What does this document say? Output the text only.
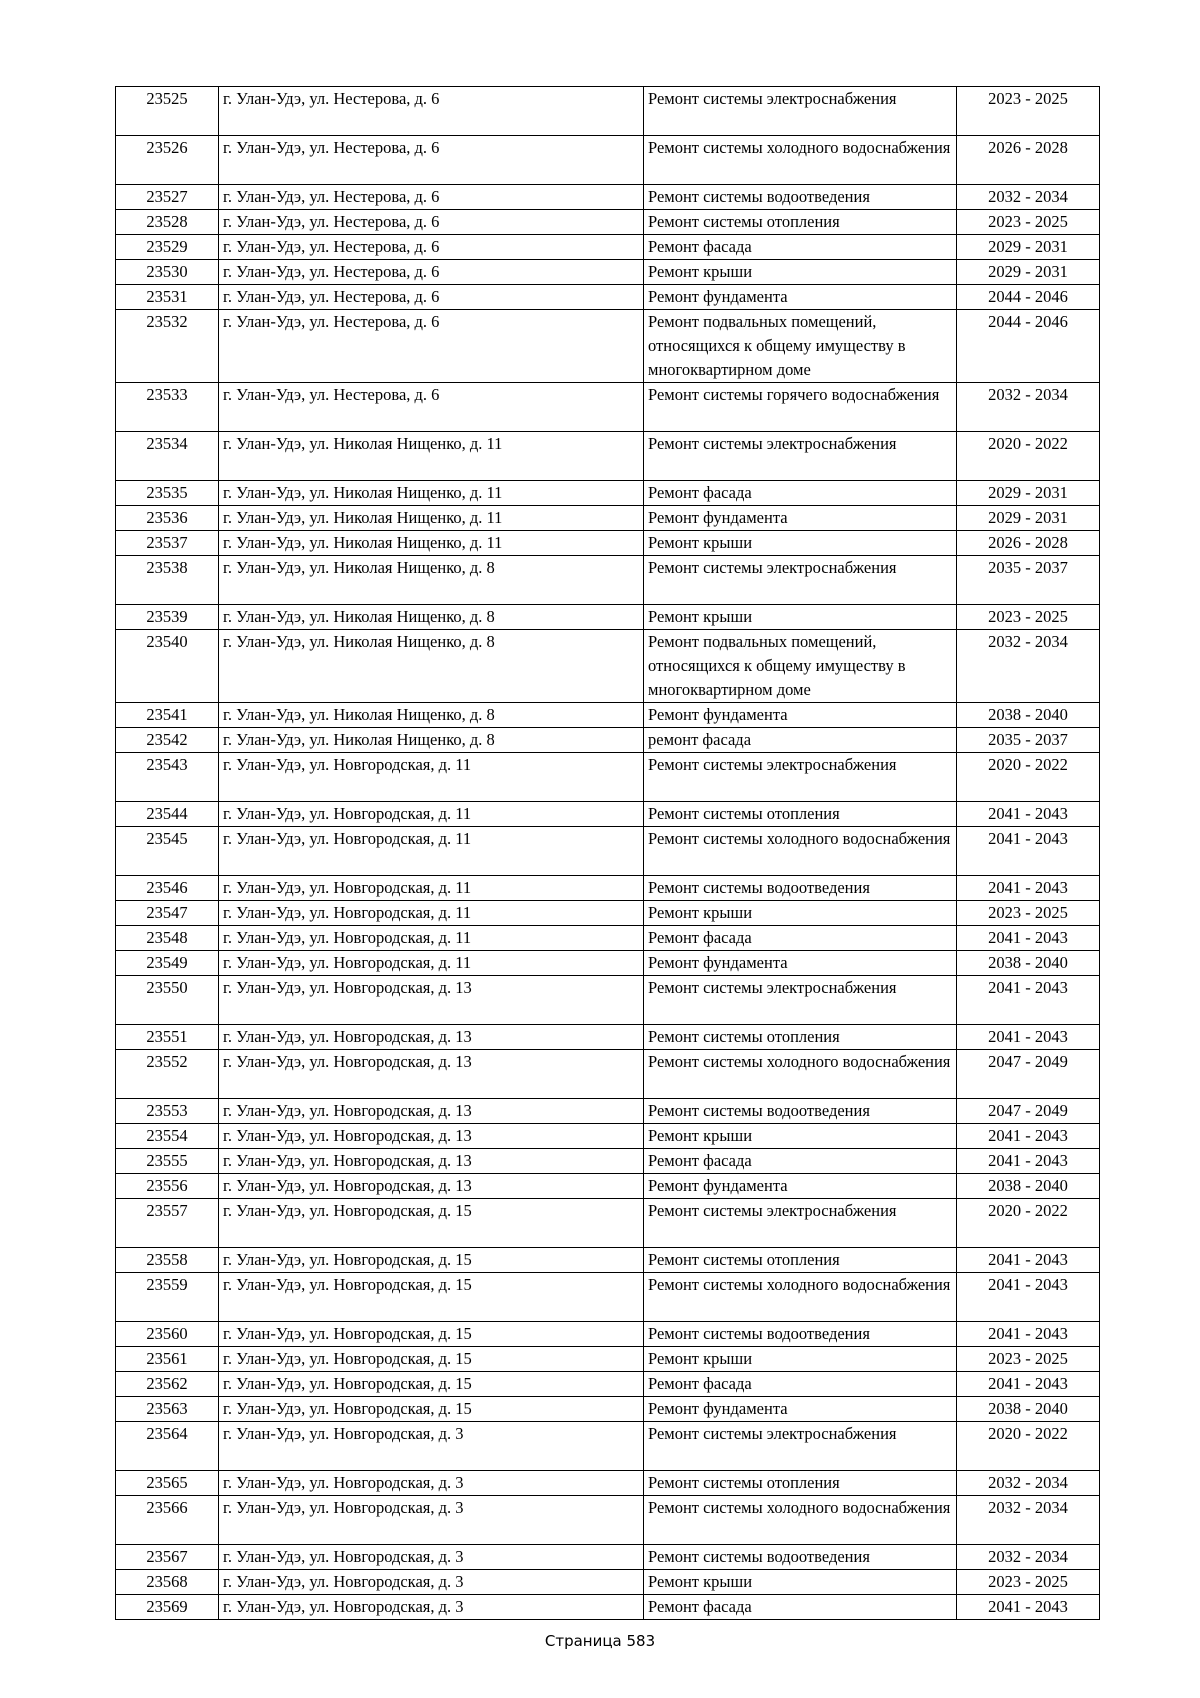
23525	г. Улан-Удэ, ул. Нестерова, д. 6	Ремонт системы электроснабжения	2023 - 2025
23526	г. Улан-Удэ, ул. Нестерова, д. 6	Ремонт системы холодного водоснабжения	2026 - 2028
23527	г. Улан-Удэ, ул. Нестерова, д. 6	Ремонт системы водоотведения	2032 - 2034
23528	г. Улан-Удэ, ул. Нестерова, д. 6	Ремонт системы отопления	2023 - 2025
23529	г. Улан-Удэ, ул. Нестерова, д. 6	Ремонт фасада	2029 - 2031
23530	г. Улан-Удэ, ул. Нестерова, д. 6	Ремонт крыши	2029 - 2031
23531	г. Улан-Удэ, ул. Нестерова, д. 6	Ремонт фундамента	2044 - 2046
23532	г. Улан-Удэ, ул. Нестерова, д. 6	Ремонт подвальных помещений, относящихся к общему имуществу в многоквартирном доме	2044 - 2046
23533	г. Улан-Удэ, ул. Нестерова, д. 6	Ремонт системы горячего водоснабжения	2032 - 2034
23534	г. Улан-Удэ, ул. Николая Нищенко, д. 11	Ремонт системы электроснабжения	2020 - 2022
23535	г. Улан-Удэ, ул. Николая Нищенко, д. 11	Ремонт фасада	2029 - 2031
23536	г. Улан-Удэ, ул. Николая Нищенко, д. 11	Ремонт фундамента	2029 - 2031
23537	г. Улан-Удэ, ул. Николая Нищенко, д. 11	Ремонт крыши	2026 - 2028
23538	г. Улан-Удэ, ул. Николая Нищенко, д. 8	Ремонт системы электроснабжения	2035 - 2037
23539	г. Улан-Удэ, ул. Николая Нищенко, д. 8	Ремонт крыши	2023 - 2025
23540	г. Улан-Удэ, ул. Николая Нищенко, д. 8	Ремонт подвальных помещений, относящихся к общему имуществу в многоквартирном доме	2032 - 2034
23541	г. Улан-Удэ, ул. Николая Нищенко, д. 8	Ремонт фундамента	2038 - 2040
23542	г. Улан-Удэ, ул. Николая Нищенко, д. 8	ремонт фасада	2035 - 2037
23543	г. Улан-Удэ, ул. Новгородская, д. 11	Ремонт системы электроснабжения	2020 - 2022
23544	г. Улан-Удэ, ул. Новгородская, д. 11	Ремонт системы отопления	2041 - 2043
23545	г. Улан-Удэ, ул. Новгородская, д. 11	Ремонт системы холодного водоснабжения	2041 - 2043
23546	г. Улан-Удэ, ул. Новгородская, д. 11	Ремонт системы водоотведения	2041 - 2043
23547	г. Улан-Удэ, ул. Новгородская, д. 11	Ремонт крыши	2023 - 2025
23548	г. Улан-Удэ, ул. Новгородская, д. 11	Ремонт фасада	2041 - 2043
23549	г. Улан-Удэ, ул. Новгородская, д. 11	Ремонт фундамента	2038 - 2040
23550	г. Улан-Удэ, ул. Новгородская, д. 13	Ремонт системы электроснабжения	2041 - 2043
23551	г. Улан-Удэ, ул. Новгородская, д. 13	Ремонт системы отопления	2041 - 2043
23552	г. Улан-Удэ, ул. Новгородская, д. 13	Ремонт системы холодного водоснабжения	2047 - 2049
23553	г. Улан-Удэ, ул. Новгородская, д. 13	Ремонт системы водоотведения	2047 - 2049
23554	г. Улан-Удэ, ул. Новгородская, д. 13	Ремонт крыши	2041 - 2043
23555	г. Улан-Удэ, ул. Новгородская, д. 13	Ремонт фасада	2041 - 2043
23556	г. Улан-Удэ, ул. Новгородская, д. 13	Ремонт фундамента	2038 - 2040
23557	г. Улан-Удэ, ул. Новгородская, д. 15	Ремонт системы электроснабжения	2020 - 2022
23558	г. Улан-Удэ, ул. Новгородская, д. 15	Ремонт системы отопления	2041 - 2043
23559	г. Улан-Удэ, ул. Новгородская, д. 15	Ремонт системы холодного водоснабжения	2041 - 2043
23560	г. Улан-Удэ, ул. Новгородская, д. 15	Ремонт системы водоотведения	2041 - 2043
23561	г. Улан-Удэ, ул. Новгородская, д. 15	Ремонт крыши	2023 - 2025
23562	г. Улан-Удэ, ул. Новгородская, д. 15	Ремонт фасада	2041 - 2043
23563	г. Улан-Удэ, ул. Новгородская, д. 15	Ремонт фундамента	2038 - 2040
23564	г. Улан-Удэ, ул. Новгородская, д. 3	Ремонт системы электроснабжения	2020 - 2022
23565	г. Улан-Удэ, ул. Новгородская, д. 3	Ремонт системы отопления	2032 - 2034
23566	г. Улан-Удэ, ул. Новгородская, д. 3	Ремонт системы холодного водоснабжения	2032 - 2034
23567	г. Улан-Удэ, ул. Новгородская, д. 3	Ремонт системы водоотведения	2032 - 2034
23568	г. Улан-Удэ, ул. Новгородская, д. 3	Ремонт крыши	2023 - 2025
23569	г. Улан-Удэ, ул. Новгородская, д. 3	Ремонт фасада	2041 - 2043
Страница 583
